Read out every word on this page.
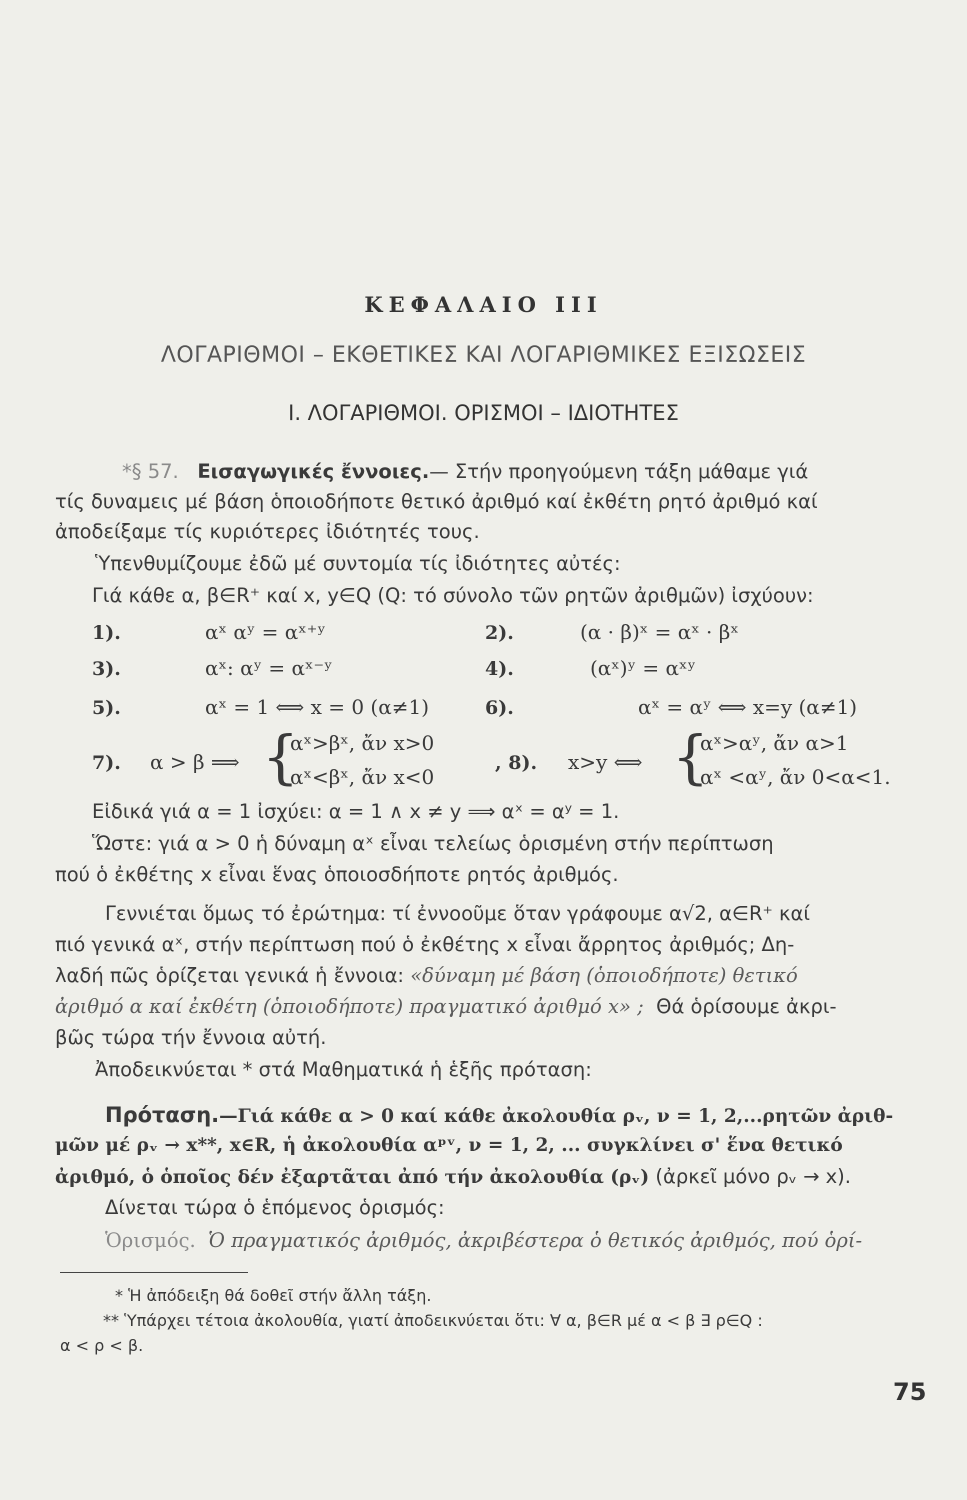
ΚΕΦΑΛΑΙΟ III
ΛΟΓΑΡΙΘΜΟΙ – ΕΚΘΕΤΙΚΕΣ ΚΑΙ ΛΟΓΑΡΙΘΜΙΚΕΣ ΕΞΙΣΩΣΕΙΣ
Ι. ΛΟΓΑΡΙΘΜΟΙ. ΟΡΙΣΜΟΙ – ΙΔΙΟΤΗΤΕΣ
*§ 57. Εισαγωγικές ἔννοιες.— Στήν προηγούμενη τάξη μάθαμε γιά
τίς δυναμεις μέ βάση ὁποιοδήποτε θετικό ἀριθμό καί ἐκθέτη ρητό ἀριθμό καί
ἀποδείξαμε τίς κυριότερες ἰδιότητές τους.
Ὑπενθυμίζουμε ἐδῶ μέ συντομία τίς ἰδιότητες αὐτές:
Γιά κάθε α, β∈R⁺ καί x, y∈Q (Q: τό σύνολο τῶν ρητῶν ἀριθμῶν) ἰσχύουν:
1).	αˣ αʸ = αˣ⁺ʸ	2).	(α · β)ˣ = αˣ · βˣ
3).	αˣ: αʸ = αˣ⁻ʸ	4).	(αˣ)ʸ = αˣʸ
5).	αˣ = 1 ⟺ x = 0 (α≠1)	6).	αˣ = αʸ ⟺ x=y (α≠1)
7). α > β ⟹ {
αˣ>βˣ, ἄν x>0
αˣ<βˣ, ἄν x<0
, 8). x>y ⟺ {
αˣ>αʸ, ἄν α>1
αˣ <αʸ, ἄν 0<α<1.
Εἰδικά γιά α = 1 ἰσχύει: α = 1 ∧ x ≠ y ⟹ αˣ = αʸ = 1.
Ὥστε: γιά α > 0 ἡ δύναμη αˣ εἶναι τελείως ὁρισμένη στήν περίπτωση
πού ὁ ἐκθέτης x εἶναι ἕνας ὁποιοσδήποτε ρητός ἀριθμός.
Γεννιέται ὅμως τό ἐρώτημα: τί ἐννοοῦμε ὅταν γράφουμε α√2, α∈R⁺ καί
πιό γενικά αˣ, στήν περίπτωση πού ὁ ἐκθέτης x εἶναι ἄρρητος ἀριθμός; Δη-
λαδή πῶς ὁρίζεται γενικά ἡ ἔννοια: «δύναμη μέ βάση (ὁποιοδήποτε) θετικό
ἀριθμό α καί ἐκθέτη (ὁποιοδήποτε) πραγματικό ἀριθμό x» ; Θά ὁρίσουμε ἀκρι-
βῶς τώρα τήν ἔννοια αὐτή.
Ἀποδεικνύεται * στά Μαθηματικά ἡ ἑξῆς πρόταση:
Πρόταση.—Γιά κάθε α > 0 καί κάθε ἀκολουθία ρᵥ, ν = 1, 2,...ρητῶν ἀριθ-
μῶν μέ ρᵥ → x**, x∈R, ἡ ἀκολουθία αᵖᵛ, ν = 1, 2, ... συγκλίνει σ' ἕνα θετικό
ἀριθμό, ὁ ὁποῖος δέν ἐξαρτᾶται ἀπό τήν ἀκολουθία (ρᵥ) (ἀρκεῖ μόνο ρᵥ → x).
Δίνεται τώρα ὁ ἑπόμενος ὁρισμός:
Ὁρισμός. Ὁ πραγματικός ἀριθμός, ἀκριβέστερα ὁ θετικός ἀριθμός, πού ὁρί-
* Ἡ ἀπόδειξη θά δοθεῖ στήν ἄλλη τάξη.
** Ὑπάρχει τέτοια ἀκολουθία, γιατί ἀποδεικνύεται ὅτι: ∀ α, β∈R μέ α < β ∃ ρ∈Q :
α < ρ < β.
75
